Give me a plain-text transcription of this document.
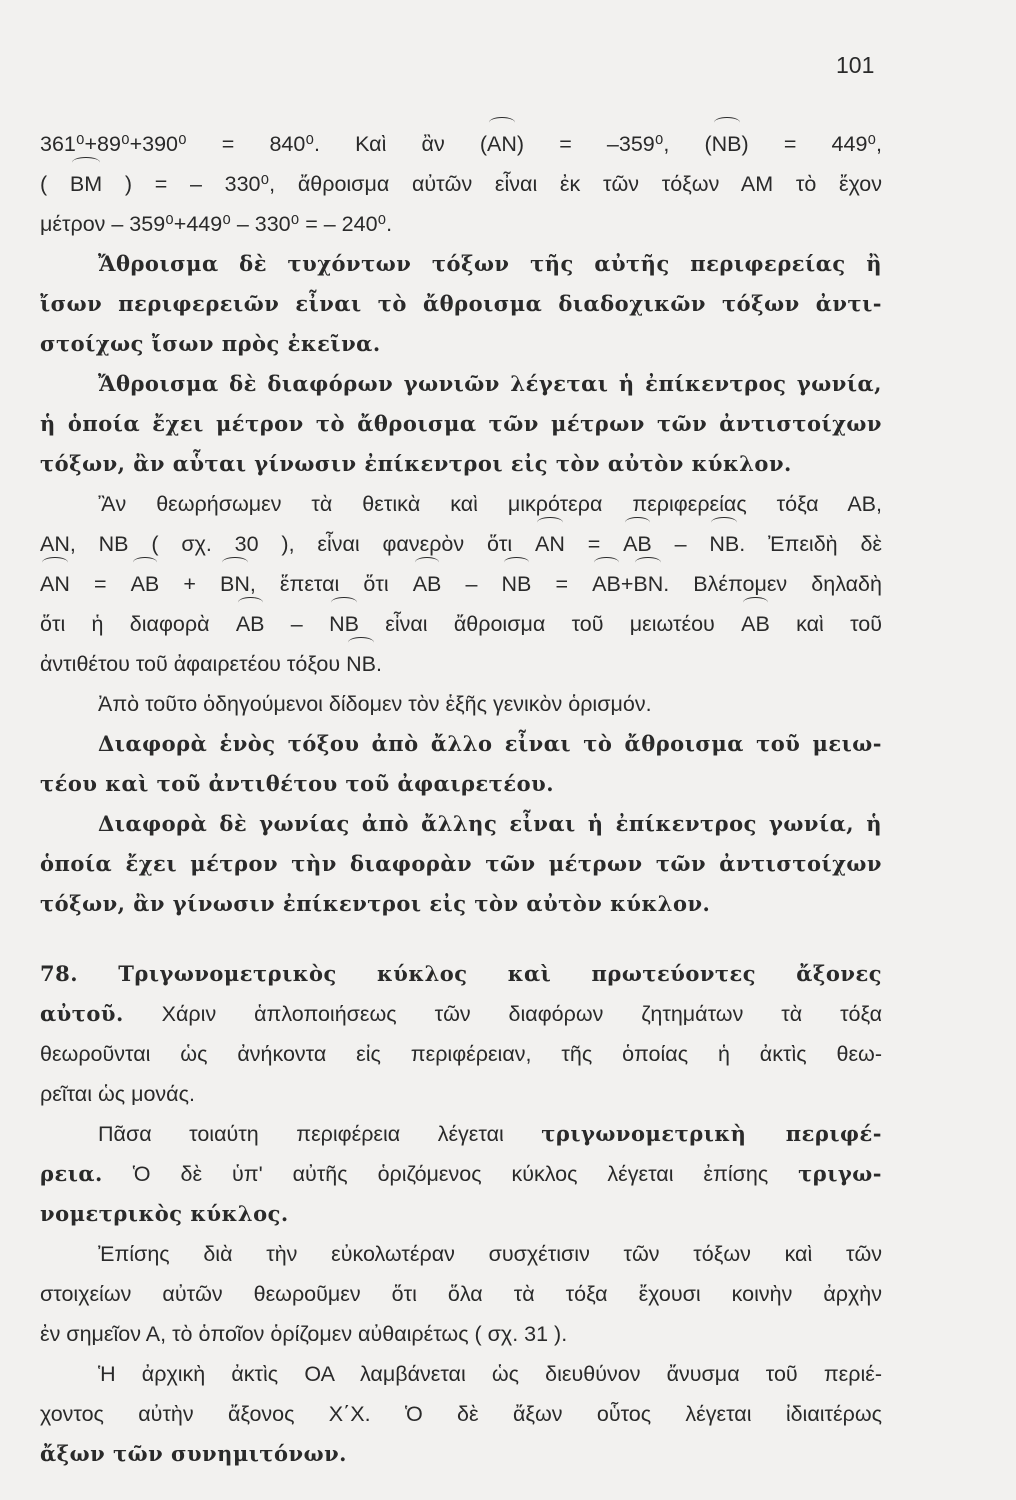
101
361⁰+89⁰+390⁰ = 840⁰. Καὶ ἂν (AN) = –359⁰, (NB) = 449⁰,
( BM ) = – 330⁰, ἄθροισμα αὐτῶν εἶναι ἐκ τῶν τόξων ΑΜ τὸ ἔχον
μέτρον – 359⁰+449⁰ – 330⁰ = – 240⁰.
Ἄθροισμα δὲ τυχόντων τόξων τῆς αὐτῆς περιφερείας ἢ
ἴσων περιφερειῶν εἶναι τὸ ἄθροισμα διαδοχικῶν τόξων ἀντι-
στοίχως ἴσων πρὸς ἐκεῖνα.
Ἄθροισμα δὲ διαφόρων γωνιῶν λέγεται ἡ ἐπίκεντρος γωνία,
ἡ ὁποία ἔχει μέτρον τὸ ἄθροισμα τῶν μέτρων τῶν ἀντιστοίχων
τόξων, ἂν αὗται γίνωσιν ἐπίκεντροι εἰς τὸν αὐτὸν κύκλον.
Ἂν θεωρήσωμεν τὰ θετικὰ καὶ μικρότερα περιφερείας τόξα ΑΒ,
ΑΝ, ΝΒ ( σχ. 30 ), εἶναι φανερὸν ὅτι ΑΝ = ΑΒ – ΝΒ. Ἐπειδὴ δὲ
ΑΝ = ΑΒ + ΒΝ, ἕπεται ὅτι ΑΒ – ΝΒ = ΑΒ+ΒΝ. Βλέπομεν δηλαδὴ
ὅτι ἡ διαφορὰ ΑΒ – ΝΒ εἶναι ἄθροισμα τοῦ μειωτέου ΑΒ καὶ τοῦ
ἀντιθέτου τοῦ ἀφαιρετέου τόξου ΝΒ.
Ἀπὸ τοῦτο ὁδηγούμενοι δίδομεν τὸν ἑξῆς γενικὸν ὁρισμόν.
Διαφορὰ ἑνὸς τόξου ἀπὸ ἄλλο εἶναι τὸ ἄθροισμα τοῦ μειω-
τέου καὶ τοῦ ἀντιθέτου τοῦ ἀφαιρετέου.
Διαφορὰ δὲ γωνίας ἀπὸ ἄλλης εἶναι ἡ ἐπίκεντρος γωνία, ἡ
ὁποία ἔχει μέτρον τὴν διαφορὰν τῶν μέτρων τῶν ἀντιστοίχων
τόξων, ἂν γίνωσιν ἐπίκεντροι εἰς τὸν αὐτὸν κύκλον.
78. Τριγωνομετρικὸς κύκλος καὶ πρωτεύοντες ἄξονες
αὐτοῦ. Χάριν ἁπλοποιήσεως τῶν διαφόρων ζητημάτων τὰ τόξα
θεωροῦνται ὡς ἀνήκοντα εἰς περιφέρειαν, τῆς ὁποίας ἡ ἀκτὶς θεω-
ρεῖται ὡς μονάς.
Πᾶσα τοιαύτη περιφέρεια λέγεται τριγωνομετρικὴ περιφέ-
ρεια. Ὁ δὲ ὑπ' αὐτῆς ὁριζόμενος κύκλος λέγεται ἐπίσης τριγω-
νομετρικὸς κύκλος.
Ἐπίσης διὰ τὴν εὐκολωτέραν συσχέτισιν τῶν τόξων καὶ τῶν
στοιχείων αὐτῶν θεωροῦμεν ὅτι ὅλα τὰ τόξα ἔχουσι κοινὴν ἀρχὴν
ἐν σημεῖον Α, τὸ ὁποῖον ὁρίζομεν αὐθαιρέτως ( σχ. 31 ).
Ἡ ἀρχικὴ ἀκτὶς ΟΑ λαμβάνεται ὡς διευθύνον ἄνυσμα τοῦ περιέ-
χοντος αὐτὴν ἄξονος Χ΄Χ. Ὁ δὲ ἄξων οὗτος λέγεται ἰδιαιτέρως
ἄξων τῶν συνημιτόνων.
